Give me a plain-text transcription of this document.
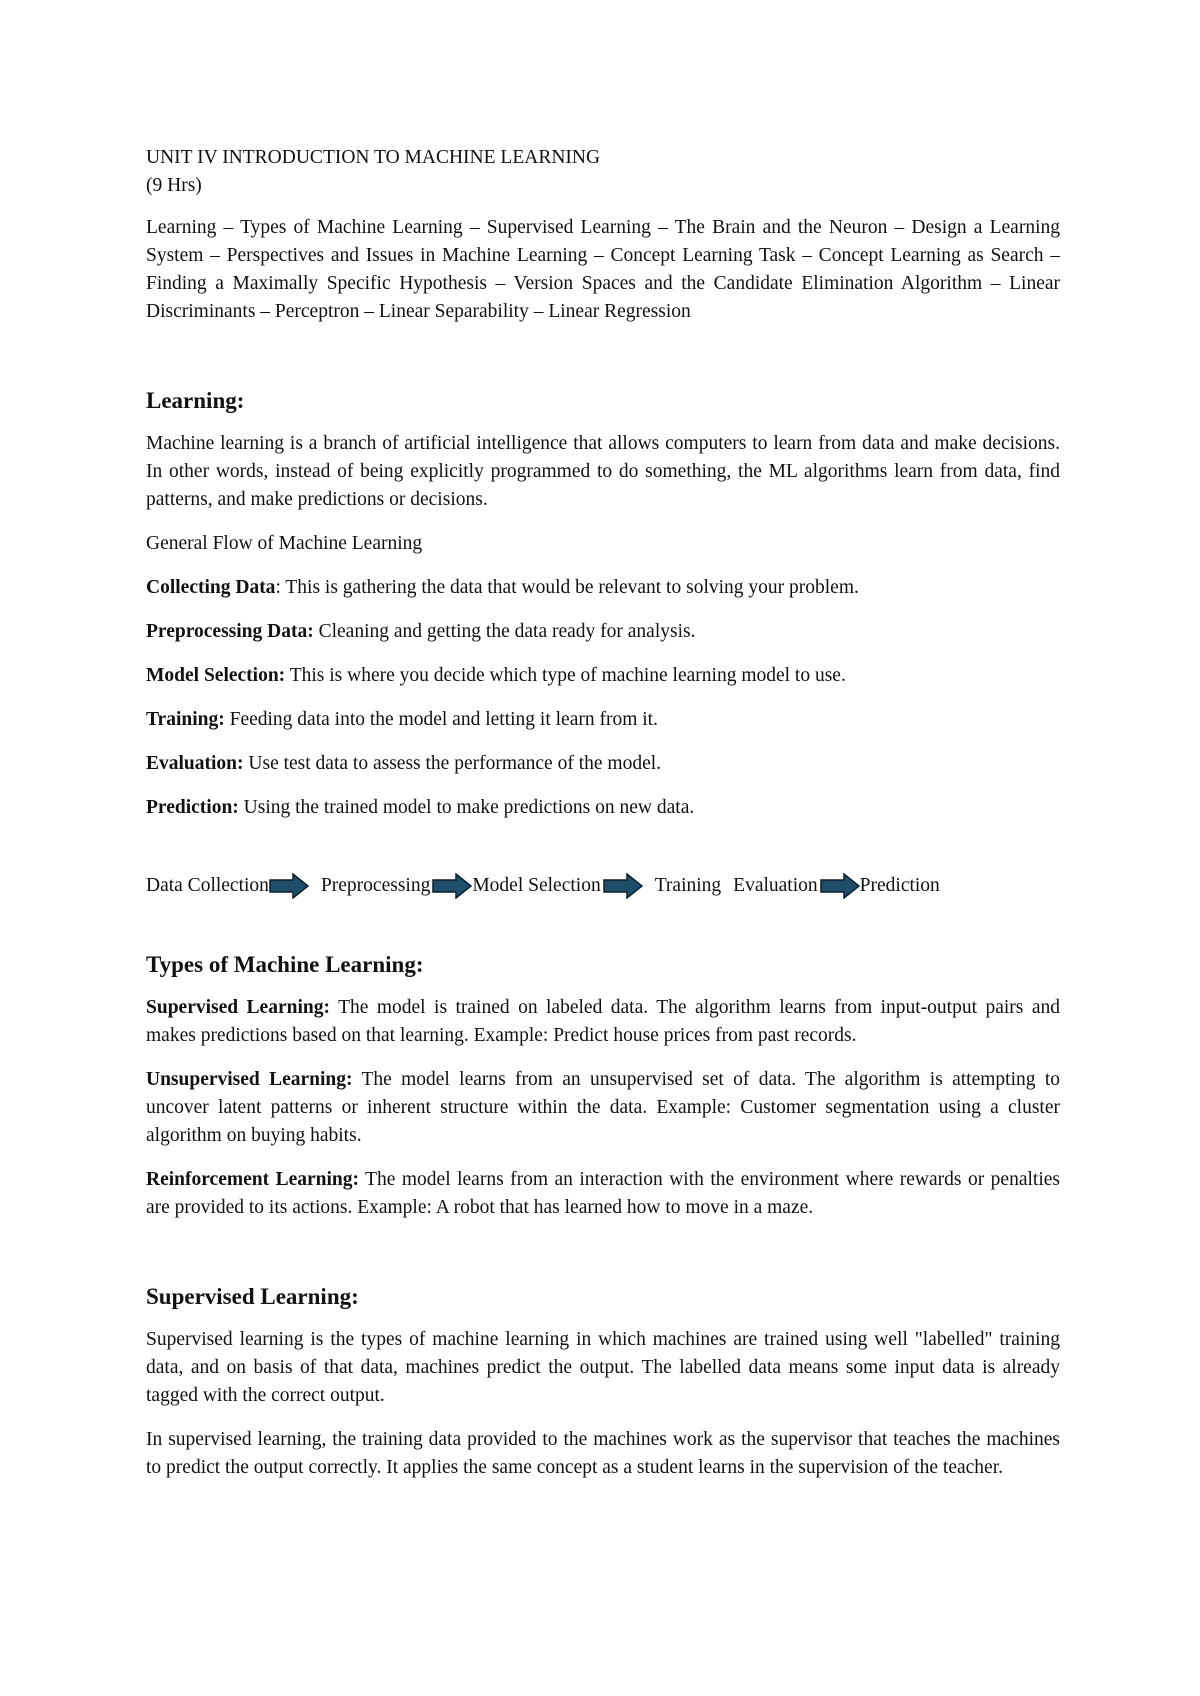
UNIT IV INTRODUCTION TO MACHINE LEARNING

(9 Hrs)

Learning – Types of Machine Learning – Supervised Learning – The Brain and the Neuron – Design a Learning System – Perspectives and Issues in Machine Learning – Concept Learning Task – Concept Learning as Search – Finding a Maximally Specific Hypothesis – Version Spaces and the Candidate Elimination Algorithm – Linear Discriminants – Perceptron – Linear Separability – Linear Regression

Learning:

Machine learning is a branch of artificial intelligence that allows computers to learn from data and make decisions. In other words, instead of being explicitly programmed to do something, the ML algorithms learn from data, find patterns, and make predictions or decisions.

General Flow of Machine Learning

Collecting Data: This is gathering the data that would be relevant to solving your problem.

Preprocessing Data: Cleaning and getting the data ready for analysis.

Model Selection: This is where you decide which type of machine learning model to use.

Training: Feeding data into the model and letting it learn from it.

Evaluation: Use test data to assess the performance of the model.

Prediction: Using the trained model to make predictions on new data.

Data Collection	Preprocessing Model Selection	Training Evaluation Prediction
Types of Machine Learning:

Supervised Learning: The model is trained on labeled data. The algorithm learns from input-output pairs and makes predictions based on that learning. Example: Predict house prices from past records.

Unsupervised Learning: The model learns from an unsupervised set of data. The algorithm is attempting to uncover latent patterns or inherent structure within the data. Example: Customer segmentation using a cluster algorithm on buying habits.

Reinforcement Learning: The model learns from an interaction with the environment where rewards or penalties are provided to its actions. Example: A robot that has learned how to move in a maze.

Supervised Learning:

Supervised learning is the types of machine learning in which machines are trained using well "labelled" training data, and on basis of that data, machines predict the output. The labelled data means some input data is already tagged with the correct output.

In supervised learning, the training data provided to the machines work as the supervisor that teaches the machines to predict the output correctly. It applies the same concept as a student learns in the supervision of the teacher.
